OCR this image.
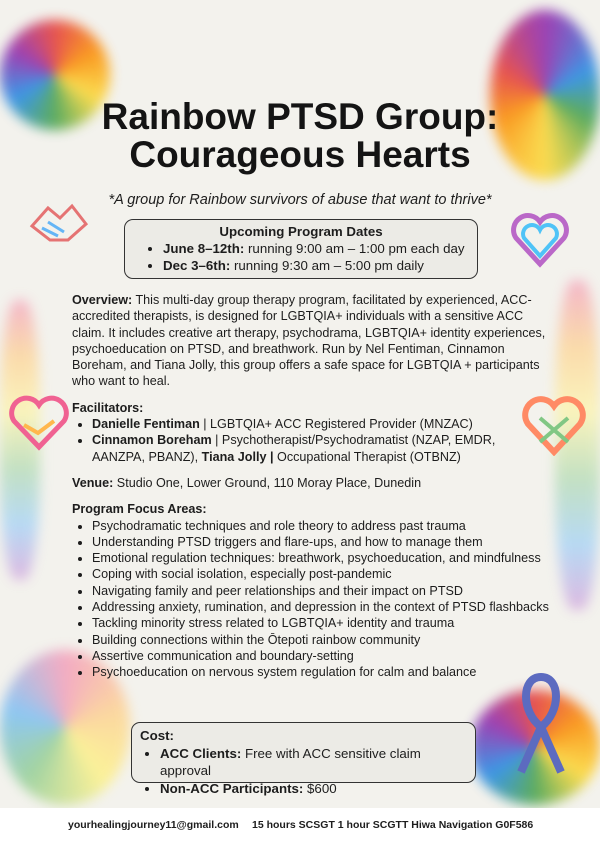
Rainbow PTSD Group:
Courageous Hearts
*A group for Rainbow survivors of abuse that want to thrive*
Upcoming Program Dates
• June 8–12th: running 9:00 am – 1:00 pm each day
• Dec 3–6th: running 9:30 am – 5:00 pm daily

Overview: This multi-day group therapy program, facilitated by experienced, ACC-accredited therapists, is designed for LGBTQIA+ individuals with a sensitive ACC claim. It includes creative art therapy, psychodrama, LGBTQIA+ identity experiences, psychoeducation on PTSD, and breathwork. Run by Nel Fentiman, Cinnamon Boreham, and Tiana Jolly, this group offers a safe space for LGBTQIA + participants who want to heal.

Facilitators:

• Danielle Fentiman | LGBTQIA+ ACC Registered Provider (MNZAC)
• Cinnamon Boreham | Psychotherapist/Psychodramatist (NZAP, EMDR, AANZPA, PBANZ), Tiana Jolly | Occupational Therapist (OTBNZ)

Venue: Studio One, Lower Ground, 110 Moray Place, Dunedin

Program Focus Areas:

• Psychodramatic techniques and role theory to address past trauma
• Understanding PTSD triggers and flare-ups, and how to manage them
• Emotional regulation techniques: breathwork, psychoeducation, and mindfulness
• Coping with social isolation, especially post-pandemic
• Navigating family and peer relationships and their impact on PTSD
• Addressing anxiety, rumination, and depression in the context of PTSD flashbacks
• Tackling minority stress related to LGBTQIA+ identity and trauma
• Building connections within the Ōtepoti rainbow community
• Assertive communication and boundary-setting
• Psychoeducation on nervous system regulation for calm and balance
Cost:
• ACC Clients: Free with ACC sensitive claim approval
• Non-ACC Participants: $600
yourhealingjourney11@gmail.com 15 hours SCSGT 1 hour SCGTT Hiwa Navigation G0F586
